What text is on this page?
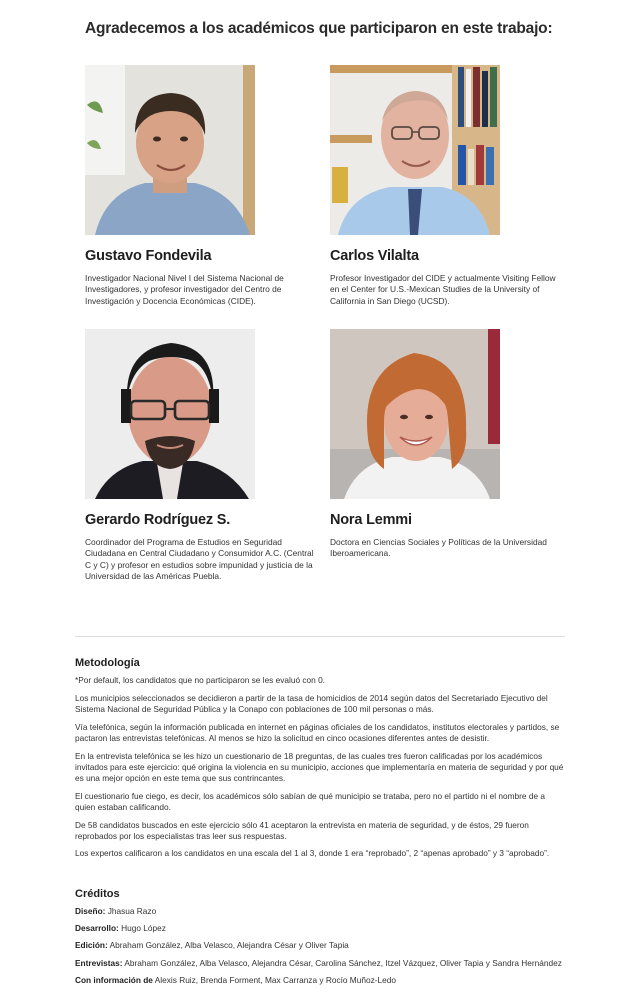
Agradecemos a los académicos que participaron en este trabajo:
Gustavo Fondevila
Investigador Nacional Nivel I del Sistema Nacional de Investigadores, y profesor investigador del Centro de Investigación y Docencia Económicas (CIDE).
Carlos Vilalta
Profesor Investigador del CIDE y actualmente Visiting Fellow en el Center for U.S.-Mexican Studies de la University of California in San Diego (UCSD).
Gerardo Rodríguez S.
Coordinador del Programa de Estudios en Seguridad Ciudadana en Central Ciudadano y Consumidor A.C. (Central C y C) y profesor en estudios sobre impunidad y justicia de la Universidad de las Américas Puebla.
Nora Lemmi
Doctora en Ciencias Sociales y Políticas de la Universidad Iberoamericana.
Metodología

*Por default, los candidatos que no participaron se les evaluó con 0.

Los municipios seleccionados se decidieron a partir de la tasa de homicidios de 2014 según datos del Secretariado Ejecutivo del Sistema Nacional de Seguridad Pública y la Conapo con poblaciones de 100 mil personas o más.

Vía telefónica, según la información publicada en internet en páginas oficiales de los candidatos, institutos electorales y partidos, se pactaron las entrevistas telefónicas. Al menos se hizo la solicitud en cinco ocasiones diferentes antes de desistir.

En la entrevista telefónica se les hizo un cuestionario de 18 preguntas, de las cuales tres fueron calificadas por los académicos invitados para este ejercicio: qué origina la violencia en su municipio, acciones que implementaría en materia de seguridad y por qué es una mejor opción en este tema que sus contrincantes.

El cuestionario fue ciego, es decir, los académicos sólo sabían de qué municipio se trataba, pero no el partido ni el nombre de a quien estaban calificando.

De 58 candidatos buscados en este ejercicio sólo 41 aceptaron la entrevista en materia de seguridad, y de éstos, 29 fueron reprobados por los especialistas tras leer sus respuestas.

Los expertos calificaron a los candidatos en una escala del 1 al 3, donde 1 era “reprobado”, 2 “apenas aprobado” y 3 “aprobado”.

Créditos

Diseño: Jhasua Razo

Desarrollo: Hugo López

Edición: Abraham González, Alba Velasco, Alejandra César y Oliver Tapia

Entrevistas: Abraham González, Alba Velasco, Alejandra César, Carolina Sánchez, Itzel Vázquez, Oliver Tapia y Sandra Hernández

Con información de Alexis Ruiz, Brenda Forment, Max Carranza y Rocío Muñoz-Ledo
